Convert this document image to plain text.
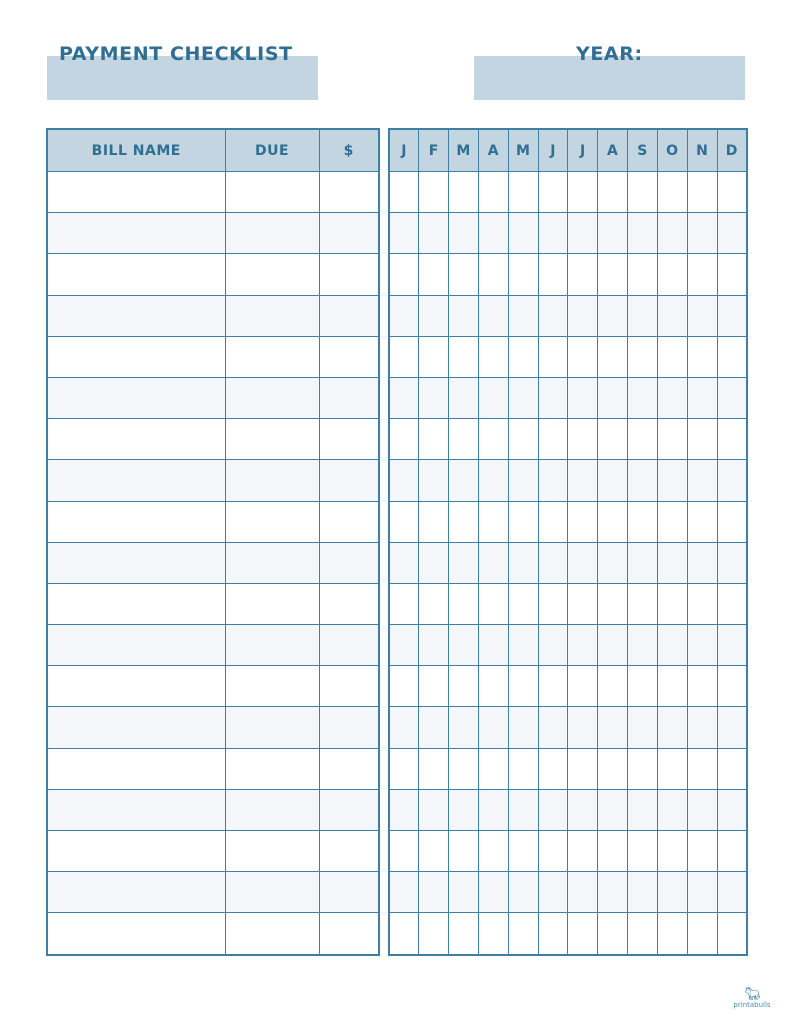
PAYMENT CHECKLIST	YEAR:
BILL NAME	DUE	$

			J	F	M	A	M	J	J	A	S	O	N	D

🐂︎
printabulls
